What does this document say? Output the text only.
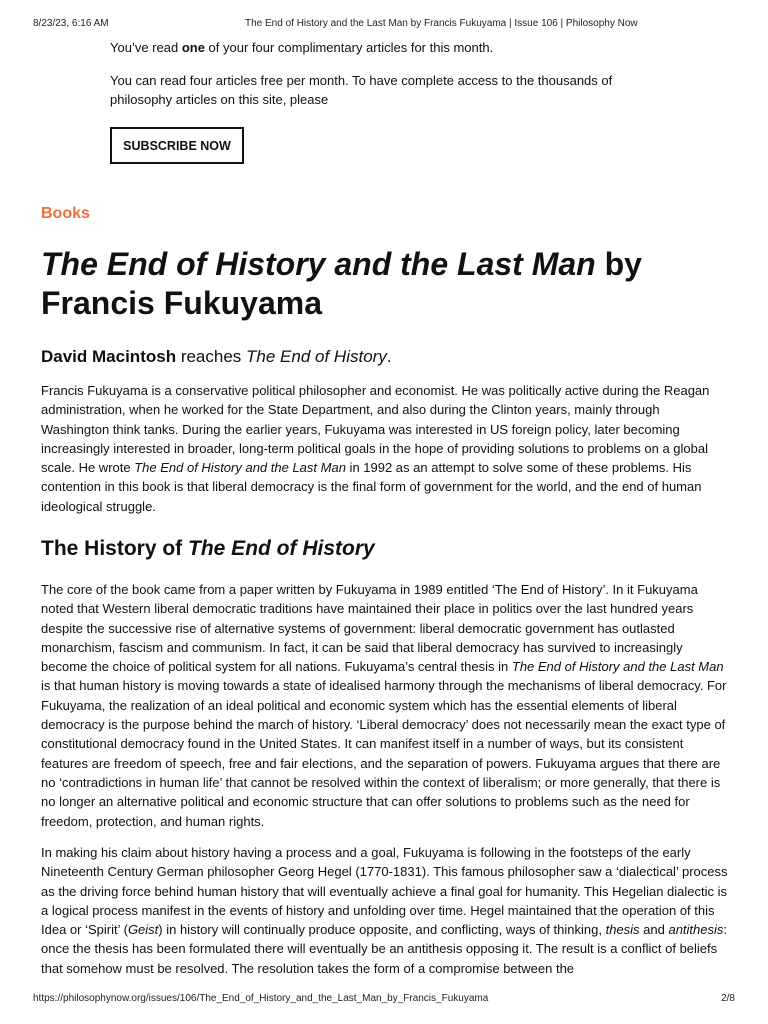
8/23/23, 6:16 AM	The End of History and the Last Man by Francis Fukuyama | Issue 106 | Philosophy Now

You’ve read one of your four complimentary articles for this month.

You can read four articles free per month. To have complete access to the thousands of philosophy articles on this site, please

SUBSCRIBE NOW
Books
The End of History and the Last Man by Francis Fukuyama

David Macintosh reaches The End of History.

Francis Fukuyama is a conservative political philosopher and economist. He was politically active during the Reagan administration, when he worked for the State Department, and also during the Clinton years, mainly through Washington think tanks. During the earlier years, Fukuyama was interested in US foreign policy, later becoming increasingly interested in broader, long-term political goals in the hope of providing solutions to problems on a global scale. He wrote The End of History and the Last Man in 1992 as an attempt to solve some of these problems. His contention in this book is that liberal democracy is the final form of government for the world, and the end of human ideological struggle.

The History of The End of History

The core of the book came from a paper written by Fukuyama in 1989 entitled ‘The End of History’. In it Fukuyama noted that Western liberal democratic traditions have maintained their place in politics over the last hundred years despite the successive rise of alternative systems of government: liberal democratic government has outlasted monarchism, fascism and communism. In fact, it can be said that liberal democracy has survived to increasingly become the choice of political system for all nations. Fukuyama’s central thesis in The End of History and the Last Man is that human history is moving towards a state of idealised harmony through the mechanisms of liberal democracy. For Fukuyama, the realization of an ideal political and economic system which has the essential elements of liberal democracy is the purpose behind the march of history. ‘Liberal democracy’ does not necessarily mean the exact type of constitutional democracy found in the United States. It can manifest itself in a number of ways, but its consistent features are freedom of speech, free and fair elections, and the separation of powers. Fukuyama argues that there are no ‘contradictions in human life’ that cannot be resolved within the context of liberalism; or more generally, that there is no longer an alternative political and economic structure that can offer solutions to problems such as the need for freedom, protection, and human rights.

In making his claim about history having a process and a goal, Fukuyama is following in the footsteps of the early Nineteenth Century German philosopher Georg Hegel (1770-1831). This famous philosopher saw a ‘dialectical’ process as the driving force behind human history that will eventually achieve a final goal for humanity. This Hegelian dialectic is a logical process manifest in the events of history and unfolding over time. Hegel maintained that the operation of this Idea or ‘Spirit’ (Geist) in history will continually produce opposite, and conflicting, ways of thinking, thesis and antithesis: once the thesis has been formulated there will eventually be an antithesis opposing it. The result is a conflict of beliefs that somehow must be resolved. The resolution takes the form of a compromise between the

https://philosophynow.org/issues/106/The_End_of_History_and_the_Last_Man_by_Francis_Fukuyama	2/8
